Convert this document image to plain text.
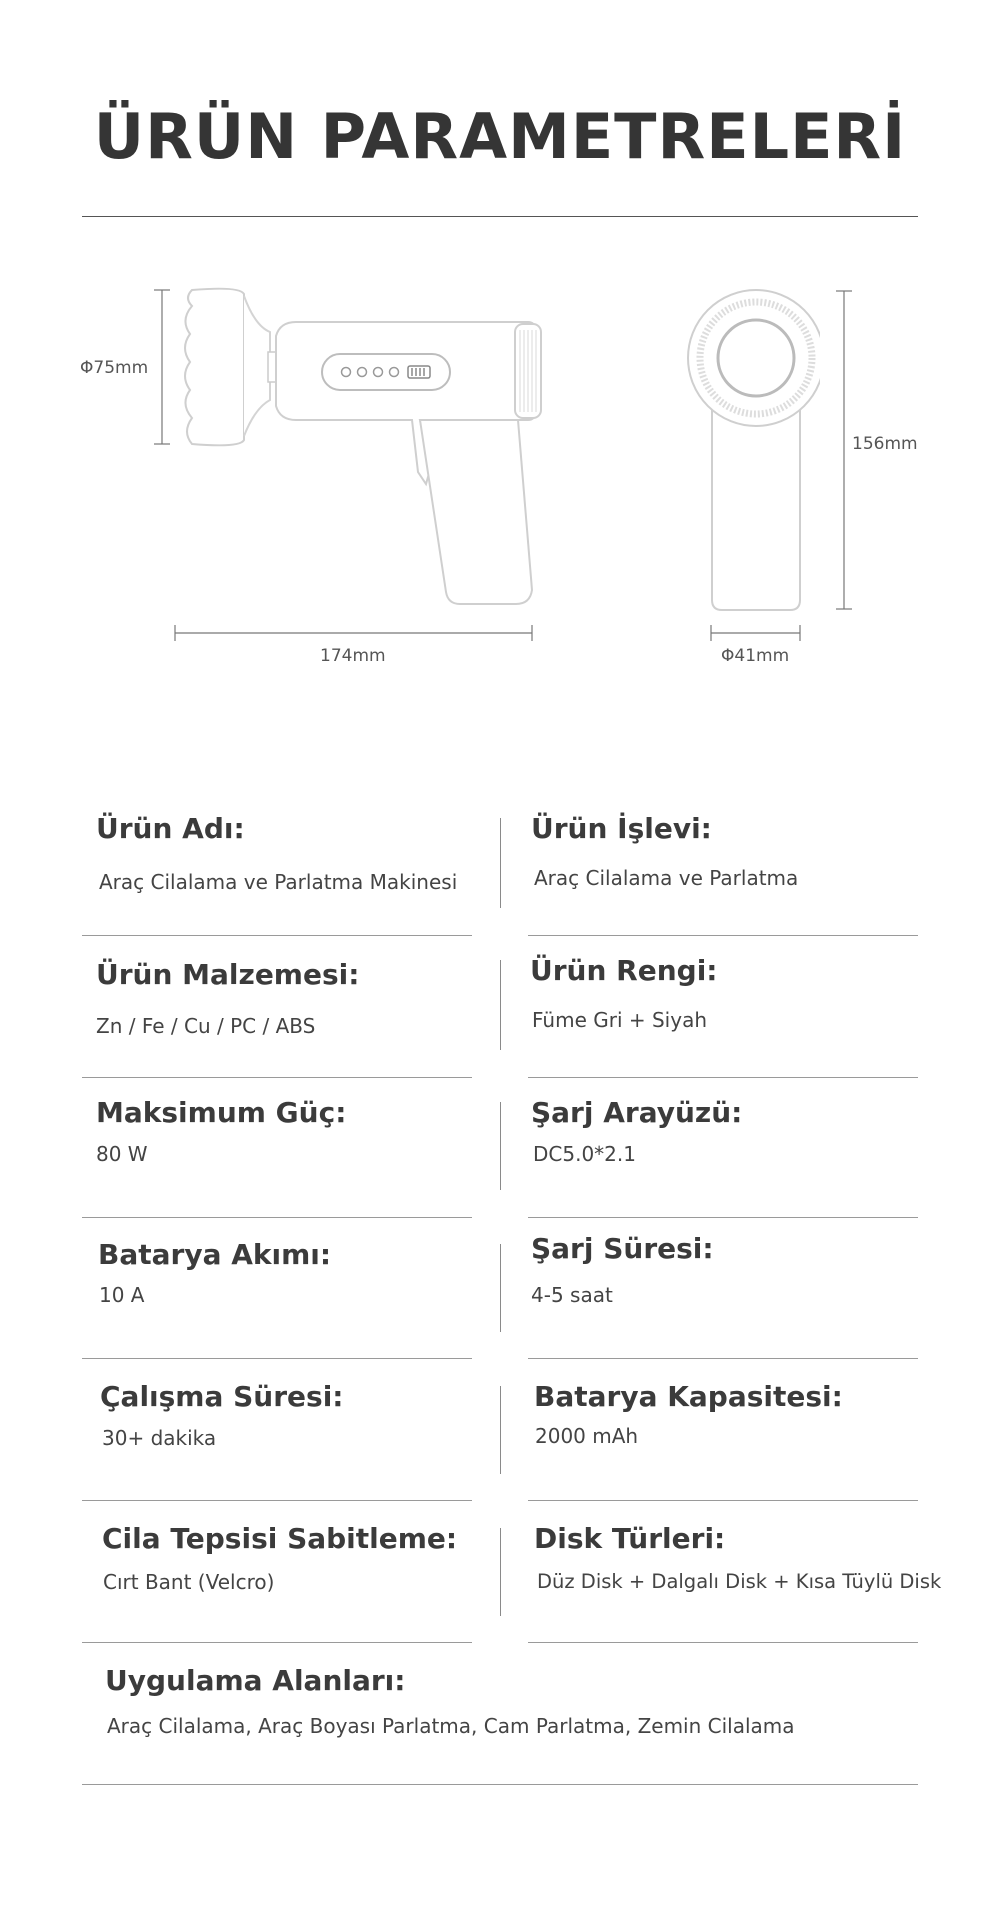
ÜRÜN PARAMETRELERİ
Φ75mm
174mm
156mm
Φ41mm
Ürün Adı:
Araç Cilalama ve Parlatma Makinesi
Ürün İşlevi:
Araç Cilalama ve Parlatma
Ürün Malzemesi:
Zn / Fe / Cu / PC / ABS
Ürün Rengi:
Füme Gri + Siyah
Maksimum Güç:
80 W
Şarj Arayüzü:
DC5.0*2.1
Batarya Akımı:
10 A
Şarj Süresi:
4-5 saat
Çalışma Süresi:
30+ dakika
Batarya Kapasitesi:
2000 mAh
Cila Tepsisi Sabitleme:
Cırt Bant (Velcro)
Disk Türleri:
Düz Disk + Dalgalı Disk + Kısa Tüylü Disk
Uygulama Alanları:
Araç Cilalama, Araç Boyası Parlatma, Cam Parlatma, Zemin Cilalama
